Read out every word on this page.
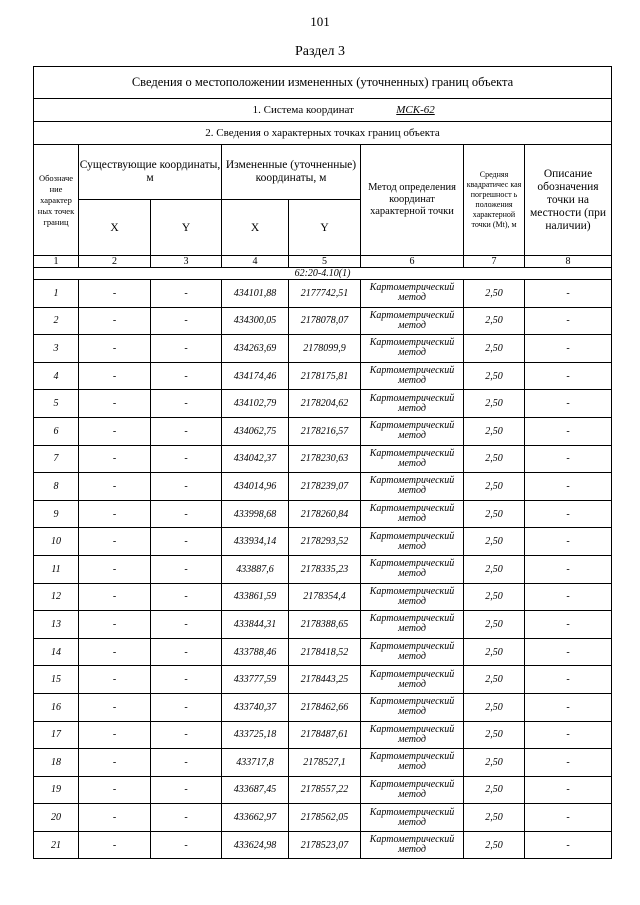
101
Раздел 3
Сведения о местоположении измененных (уточненных) границ объекта							
1. Система координат МСК-62							
2. Сведения о характерных точках границ объекта							
Обозначе ние характер ных точек границ	Существующие координаты, м		Измененные (уточненные) координаты, м		Метод определения координат характерной точки	Средняя квадратичес кая погрешност ь положения характерной точки (Мt), м	Описание обозначения точки на местности (при наличии)
	X	Y	X	Y			
1	2	3	4	5	6	7	8
62:20-4.10(1)							
1	-	-	434101,88	2177742,51	Картометрический метод	2,50	-
2	-	-	434300,05	2178078,07	Картометрический метод	2,50	-
3	-	-	434263,69	2178099,9	Картометрический метод	2,50	-
4	-	-	434174,46	2178175,81	Картометрический метод	2,50	-
5	-	-	434102,79	2178204,62	Картометрический метод	2,50	-
6	-	-	434062,75	2178216,57	Картометрический метод	2,50	-
7	-	-	434042,37	2178230,63	Картометрический метод	2,50	-
8	-	-	434014,96	2178239,07	Картометрический метод	2,50	-
9	-	-	433998,68	2178260,84	Картометрический метод	2,50	-
10	-	-	433934,14	2178293,52	Картометрический метод	2,50	-
11	-	-	433887,6	2178335,23	Картометрический метод	2,50	-
12	-	-	433861,59	2178354,4	Картометрический метод	2,50	-
13	-	-	433844,31	2178388,65	Картометрический метод	2,50	-
14	-	-	433788,46	2178418,52	Картометрический метод	2,50	-
15	-	-	433777,59	2178443,25	Картометрический метод	2,50	-
16	-	-	433740,37	2178462,66	Картометрический метод	2,50	-
17	-	-	433725,18	2178487,61	Картометрический метод	2,50	-
18	-	-	433717,8	2178527,1	Картометрический метод	2,50	-
19	-	-	433687,45	2178557,22	Картометрический метод	2,50	-
20	-	-	433662,97	2178562,05	Картометрический метод	2,50	-
21	-	-	433624,98	2178523,07	Картометрический метод	2,50	-
